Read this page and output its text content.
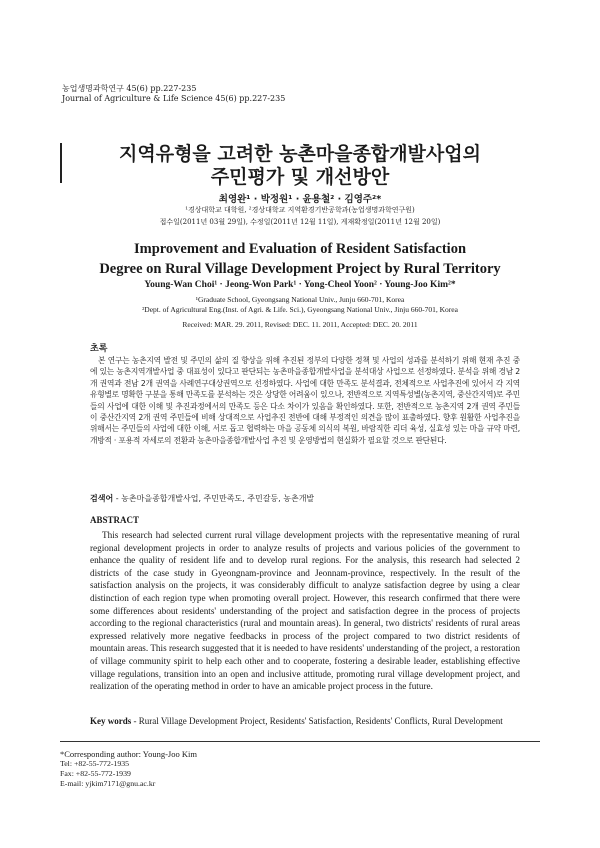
농업생명과학연구 45(6) pp.227-235
Journal of Agriculture & Life Science 45(6) pp.227-235
지역유형을 고려한 농촌마을종합개발사업의
주민평가 및 개선방안
최영완¹ · 박정원¹ · 윤용철² · 김영주²*
¹경상대학교 대학원, ²경상대학교 지역환경기반공학과(농업생명과학연구원)
접수일(2011년 03월 29일), 수정일(2011년 12월 11일), 게재확정일(2011년 12월 20일)
Improvement and Evaluation of Resident Satisfaction
Degree on Rural Village Development Project by Rural Territory
Young-Wan Choi¹ · Jeong-Won Park¹ · Yong-Cheol Yoon² · Young-Joo Kim²*
¹Graduate School, Gyeongsang National Univ., Junju 660-701, Korea
²Dept. of Agricultural Eng.(Inst. of Agri. & Life. Sci.), Gyeongsang National Univ., Jinju 660-701, Korea
Received: MAR. 29. 2011, Revised: DEC. 11. 2011, Accepted: DEC. 20. 2011
초록
본 연구는 농촌지역 발전 및 주민의 삶의 질 향상을 위해 추진된 정부의 다양한 정책 및 사업의 성과를 분석하기 위해 현재 추진 중에 있는 농촌지역개발사업 중 대표성이 있다고 판단되는 농촌마을종합개발사업을 분석대상 사업으로 선정하였다. 분석을 위해 경남 2개 권역과 전남 2개 권역을 사례연구대상권역으로 선정하였다. 사업에 대한 만족도 분석결과, 전체적으로 사업추진에 있어서 각 지역유형별로 명확한 구분을 통해 만족도를 분석하는 것은 상당한 어려움이 있으나, 전반적으로 지역특성별(농촌지역, 중산간지역)로 주민들의 사업에 대한 이해 및 추진과정에서의 만족도 등은 다소 차이가 있음을 확인하였다. 또한, 전반적으로 농촌지역 2개 권역 주민들이 중산간지역 2개 권역 주민들에 비해 상대적으로 사업추진 전반에 대해 부정적인 의견을 많이 표출하였다. 향후 원활한 사업추진을 위해서는 주민들의 사업에 대한 이해, 서로 돕고 협력하는 마을 공동체 의식의 복원, 바람직한 리더 육성, 실효성 있는 마을 규약 마련, 개방적 · 포용적 자세로의 전환과 농촌마을종합개발사업 추진 및 운영방법의 현실화가 필요할 것으로 판단된다.
검색어 - 농촌마을종합개발사업, 주민만족도, 주민갈등, 농촌개발
ABSTRACT
This research had selected current rural village development projects with the representative meaning of rural regional development projects in order to analyze results of projects and various policies of the government to enhance the quality of resident life and to develop rural regions. For the analysis, this research had selected 2 districts of the case study in Gyeongnam-province and Jeonnam-province, respectively. In the result of the satisfaction analysis on the projects, it was considerably difficult to analyze satisfaction degree by using a clear distinction of each region type when promoting overall project. However, this research confirmed that there were some differences about residents' understanding of the project and satisfaction degree in the process of projects according to the regional characteristics (rural and mountain areas). In general, two districts' residents of rural areas expressed relatively more negative feedbacks in process of the project compared to two district residents of mountain areas. This research suggested that it is needed to have residents' understanding of the project, a restoration of village community spirit to help each other and to cooperate, fostering a desirable leader, establishing effective village regulations, transition into an open and inclusive attitude, promoting rural village development project, and realization of the operating method in order to have an amicable project process in the future.
Key words - Rural Village Development Project, Residents' Satisfaction, Residents' Conflicts, Rural Development
*Corresponding author: Young-Joo Kim
Tel: +82-55-772-1935
Fax: +82-55-772-1939
E-mail: yjkim7171@gnu.ac.kr
